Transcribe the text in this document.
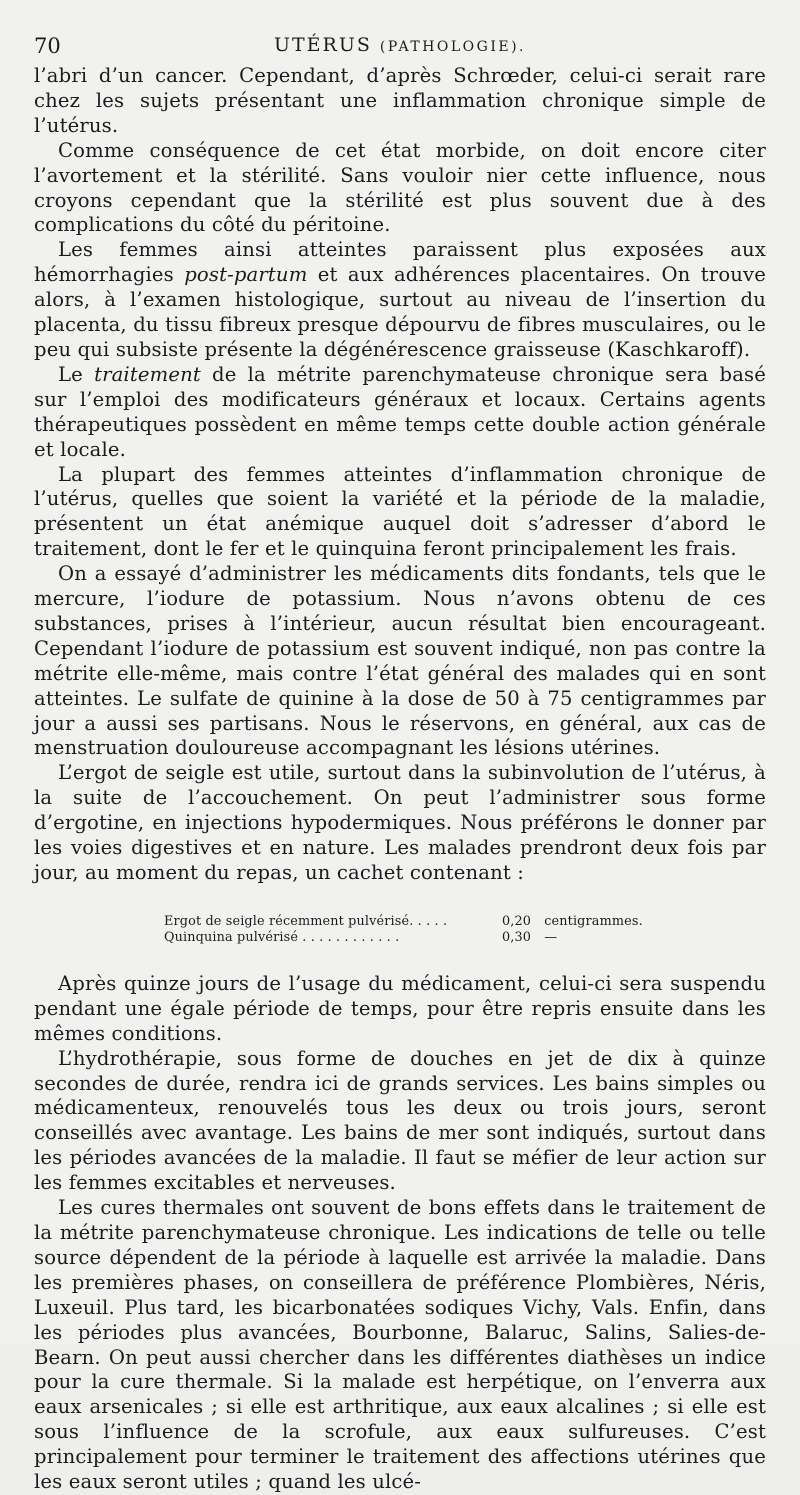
70	UTÉRUS (PATHOLOGIE).

l’abri d’un cancer. Cependant, d’après Schrœder, celui-ci serait rare chez les sujets présentant une inflammation chronique simple de l’utérus.

Comme conséquence de cet état morbide, on doit encore citer l’avortement et la stérilité. Sans vouloir nier cette influence, nous croyons cependant que la stérilité est plus souvent due à des complications du côté du péritoine.

Les femmes ainsi atteintes paraissent plus exposées aux hémorrhagies post-partum et aux adhérences placentaires. On trouve alors, à l’examen histologique, surtout au niveau de l’insertion du placenta, du tissu fibreux presque dépourvu de fibres musculaires, ou le peu qui subsiste présente la dégénérescence graisseuse (Kaschkaroff).

Le traitement de la métrite parenchymateuse chronique sera basé sur l’emploi des modificateurs généraux et locaux. Certains agents thérapeutiques possèdent en même temps cette double action générale et locale.

La plupart des femmes atteintes d’inflammation chronique de l’utérus, quelles que soient la variété et la période de la maladie, présentent un état anémique auquel doit s’adresser d’abord le traitement, dont le fer et le quinquina feront principalement les frais.

On a essayé d’administrer les médicaments dits fondants, tels que le mercure, l’iodure de potassium. Nous n’avons obtenu de ces substances, prises à l’intérieur, aucun résultat bien encourageant. Cependant l’iodure de potassium est souvent indiqué, non pas contre la métrite elle-même, mais contre l’état général des malades qui en sont atteintes. Le sulfate de quinine à la dose de 50 à 75 centigrammes par jour a aussi ses partisans. Nous le réservons, en général, aux cas de menstruation douloureuse accompagnant les lésions utérines.

L’ergot de seigle est utile, surtout dans la subinvolution de l’utérus, à la suite de l’accouchement. On peut l’administrer sous forme d’ergotine, en injections hypodermiques. Nous préférons le donner par les voies digestives et en nature. Les malades prendront deux fois par jour, au moment du repas, un cachet contenant :

Ergot de seigle récemment pulvérisé. . . . .	0,20 centigrammes.
Quinquina pulvérisé . . . . . . . . . . . .	0,30 —

Après quinze jours de l’usage du médicament, celui-ci sera suspendu pendant une égale période de temps, pour être repris ensuite dans les mêmes conditions.

L’hydrothérapie, sous forme de douches en jet de dix à quinze secondes de durée, rendra ici de grands services. Les bains simples ou médicamenteux, renouvelés tous les deux ou trois jours, seront conseillés avec avantage. Les bains de mer sont indiqués, surtout dans les périodes avancées de la maladie. Il faut se méfier de leur action sur les femmes excitables et nerveuses.

Les cures thermales ont souvent de bons effets dans le traitement de la métrite parenchymateuse chronique. Les indications de telle ou telle source dépendent de la période à laquelle est arrivée la maladie. Dans les premières phases, on conseillera de préférence Plombières, Néris, Luxeuil. Plus tard, les bicarbonatées sodiques Vichy, Vals. Enfin, dans les périodes plus avancées, Bourbonne, Balaruc, Salins, Salies-de-Bearn. On peut aussi chercher dans les différentes diathèses un indice pour la cure thermale. Si la malade est herpétique, on l’enverra aux eaux arsenicales ; si elle est arthritique, aux eaux alcalines ; si elle est sous l’influence de la scrofule, aux eaux sulfureuses. C’est principalement pour terminer le traitement des affections utérines que les eaux seront utiles ; quand les ulcé-
